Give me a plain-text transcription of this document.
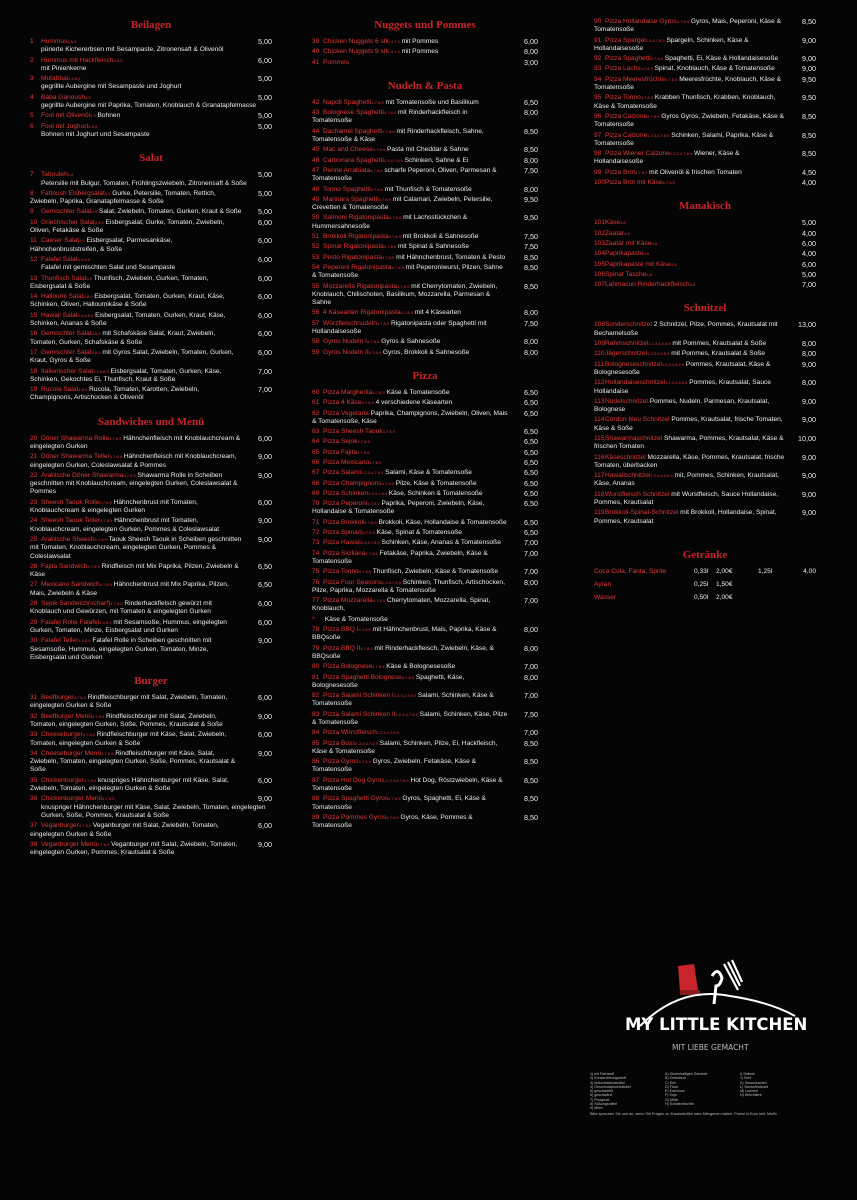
Beilagen
1 Hummus$^{4.5.9}$	5,00
pürierte Kichererbsen mit Sesampaste, Zitronensaft & Olivenöl
2 Hummus mit Hackfleisch$^{4.5.9}$	6,00
mit Pinienkerne
3 Mutabbal$^{4.5.8.9}$	5,00
gegrillte Aubergine mit Sesampaste und Joghurt
4 Baba Ganoush$^{4.9}$	5,00
gegrillte Aubergine mit Paprika, Tomaten, Knoblauch & Granatapfelmasse
5 Fool mit Olivenöl$^{4.9}$ Bohnen	5,00
6 Fool mit Joghurt$^{4.8.9}$	5,00
Bohnen mit Joghurt und Sesampaste
Salat
7 Tabouleh$^{4.9}$	5,00
Petersilie mit Bulgur, Tomaten, Frühlingszwiebeln, Zitronensaft & Soße
8 Fattoush Eisbergsalat$^{4.9}$ Gurke, Petersilie, Tomaten, Rettich, Zwiebeln, Paprika, Granatapfelmasse & Soße
5,00
9 Gemischter Salat$^{4.9}$ Salat, Zwiebeln, Tomaten, Gurken, Kraut & Soße	5,00
10 Griechischer Salat$^{4.8.9}$ Eisbergsalat, Gurke, Tomaten, Zwiebeln, Oliven, Fetakäse & Soße
6,00
11 Caeser Salat$^{4.9}$ Eisbergsalat, Parmesankäse, Hähnchenbruststreifen, & Soße
6,00
12 Falafel Salat$^{4.5.8.9}$	6,00
Falafel mit gemischten Salat und Sesampaste
13 Thunfisch Salat$^{4.9}$ Thunfisch, Zwiebeln, Gurken, Tomaten, Eisbergsalat & Soße
6,00
14 Halloumi Salat$^{4.8.9}$ Eisbergsalat, Tomaten, Gurken, Kraut, Käse, Schinken, Oliven, Halloumikäse & Soße
6,00
15 Hawaii Salat$^{2.3.4.8.9}$ Eisbergsalat, Tomaten, Gurken, Kraut, Käse, Schinken, Ananas & Soße
6,00
16 Gemischter Salat$^{4.8.9}$ mit Schafskäse Salat, Kraut, Zwiebeln, Tomaten, Gurken, Schafskäse & Soße
6,00
17 Gemischter Salat$^{4.8.9}$ mit Gyros Salat, Zwiebeln, Tomaten, Gurken, Kraut, Gyros & Soße
6,00
18 Italienischer Salat$^{2.3.4.8.9}$ Eisbergsalat, Tomaten, Gurken, Käse, Schinken, Gekochtes Ei, Thunfisch, Kraut & Soße
7,00
19 Rucola Salat$^{4.8.9}$ Rucola, Tomaten, Karotten, Zwiebeln, Champignons, Artischocken & Olivenöl
7,00
Sandwiches und Menü
20 Döner Shawarma Rolle$^{4.7.8.9}$ Hähnchenfleisch mit Knoblauchcream & eingelegten Gurken
6,00
21 Döner Shawarma Teller$^{4.7.8.9}$ Hähnchenfleisch mit Knoblauchcream, eingelegten Gurken, Coleslawsalat & Pommes
9,00
22 Arabische Döner Shawarma$^{4.7.8.9}$ Shawarma Rolle in Scheiben geschnitten mit Knoblauchcream, eingelegten Gurken, Coleslawsalat & Pommes
9,00
23 Sheesh Taouk Rolle$^{4.7.8.9}$ Hähnchenbrust mit Tomaten, Knoblauchcream & eingelegten Gurken
6,00
24 Sheesh Taouk Teller$^{4.7.8.9}$ Hähnchenbrust mit Tomaten, Knoblauchcream, eingelegten Gurken, Pommes & Coleslawsalat
9,00
25 Arabische Sheesh$^{4.7.8.9}$ Taouk Sheesh Taouk in Scheiben geschnitten mit Tomaten, Knoblauchcream, eingelegten Gurken, Pommes & Coleslawsalat
9,00
26 Fajita Sandwich$^{4.7.8.9}$ Rindfleisch mit Mix Paprika, Pilzen, Zwiebeln & Käse
6,50
27 Mexicano Sandwich$^{4.7.8.9}$ Hähnchenbrust mit Mix Paprika, Pilzen, Mais, Zwiebeln & Käse
6,50
28 Sejok Sandwich(scharf)$^{4.7.8.9}$ Rinderhackfleisch gewürzt mit Knoblauch und Gewürzen, mit Tomaten & eingelegten Gurken
6,00
29 Falafel Rolle Falafel$^{4.5.8.9}$ mit Sesamsoße, Hummus, eingelegten Gurken, Tomaten, Minze, Eisbergsalat und Gurken
6,00
30 Falafel Teller$^{4.5.8.9}$ Falafel Rolle in Scheiben geschnitten mit Sesamsoße, Hummus, eingelegten Gurken, Tomaten, Minze, Eisbergsalat und Gurken
9,00
Burger
31 Beefburger$^{4.7.8.9}$ Rindfleischburger mit Salat, Zwiebeln, Tomaten, eingelegten Gurken & Soße
6,00
32 Beefburger Menü$^{4.7.8.9}$ Rindfleischburger mit Salat, Zwiebeln, Tomaten, eingelegten Gurken, Soße, Pommes, Krautsalat & Soße
9,00
33 Cheeseburger$^{4.7.8.9}$ Rindfleischburger mit Käse, Salat, Zwiebeln, Tomaten, eingelegten Gurken & Soße
6,00
34 Cheeseburger Menü$^{4.7.8.9}$ Rindfleischburger mit Käse, Salat, Zwiebeln, Tomaten, eingelegten Gurken, Soße, Pommes, Krautsalat & Soße
9,00
35 Chickenburger$^{4.7.8.9}$ knuspriges Hähnchenburger mit Käse, Salat, Zwiebeln, Tomaten, eingelegten Gurken & Soße
6,00
36 Chickenburger Menü$^{4.7.8.9}$	9,00
knuspriger Hähnchenburger mit Käse, Salat, Zwiebeln, Tomaten, eingelegten Gurken, Soße, Pommes, Krautsalat & Soße
37 Veganburger$^{4.7.8.9}$ Veganburger mit Salat, Zwiebeln, Tomaten, eingelegten Gurken & Soße
6,00
38 Veganburger Menü$^{4.7.8.9}$ Veganburger mit Salat, Zwiebeln, Tomaten, eingelegten Gurken, Pommes, Krautsalat & Soße
9,00
Nuggets und Pommes
39 Chicken Nuggets 6 stk.$^{4.7.9}$ mit Pommes	6,00
40 Chicken Nuggets 9 stk.$^{4.7.9}$ mit Pommes	8,00
41 Pommes	3,00
Nudeln & Pasta
42 Napoli Spaghetti$^{4.7.8.9}$ mit Tomatensoße und Basilikum	6,50
43 Bolognese Spaghetti$^{4.7.8.9}$ mit Rinderhackfleisch in Tomatensoße
8,00
44 Dachamel Spaghetti$^{4.7.8.9}$ mit Rinderhackfleisch, Sahne, Tomatensoße & Käse
8,50
45 Mac and Cheese$^{4.7.8.9}$ Pasta mit Cheddar & Sahne	8,50
46 Carbonara Spaghetti$^{2.3.4.7.8.9}$ Schinken, Sahne & Ei	8,00
47 Penne Arrabiata$^{4.7.8.9}$ scharfe Peperoni, Oliven, Parmesan & Tomatensoße
7,50
48 Tonno Spaghetti$^{4.7.8.9}$ mit Thunfisch & Tomatensoße	8,00
49 Marinara Spaghetti$^{4.7.8.9}$ mit Calamari, Zwiebeln, Petersilie, Crevetten & Tomatensoße
9,50
50 Salmoni Rigatonipasta$^{4.7.8.9}$ mit Lachsstückchen & Hummersahnesoße
9,50
51 Brokkoli Rigatonipasta$^{4.7.8.9}$ mit Brokkoli & Sahnesoße	7,50
52 Spinat Rigatonipasta$^{4.7.8.9}$ mit Spinat & Sahnesoße	7,50
53 Pesto Rigatonipasta$^{4.7.8.9}$ mit Hähnchenbrust, Tomaten & Pesto	8,50
54 Peperoni Rigatonipasta$^{4.7.8.9}$ mit Peperoniwurst, Pilzen, Sahne & Tomatensoße
8,50
55 Mozzarella Rigatonipasta$^{4.7.8.9}$ mit Cherrytomaten, Zwiebeln, Knoblauch, Chilischoten, Basilikum, Mozzarella, Parmesan & Sahne
8,50
56 4 Käsearten Rigatonipasta$^{4.7.8.9}$ mit 4 Käsearten	8,00
57 Würzfleischnudeln$^{4.7.8.9}$ Rigatonipasta oder Spaghetti mit Hollandaisesoße
7,50
58 Gyros Nudeln $I^{4.7.8.9}$ Gyros & Sahnesoße	8,00
59 Gyros Nudeln $II^{4.7.8.9}$ Gyros, Brokkoli & Sahnesoße	8,00
Pizza
60 Pizza Margherita$^{4.7.8.9}$ Käse & Tomatensoße	6,50
61 Pizza 4 Käse$^{4.7.8.9}$ 4 verschiedene Käsearten	6,50
62 Pizza Vegetaria Paprika, Champignons, Zwiebeln, Oliven, Mais & Tomatensoße, Käse
6,50
63 Pizza Sheesh Taouk$^{4.7.8.9}$	6,50
64 Pizza Sejok$^{4.7.8.9}$	6,50
65 Pizza Fajita$^{4.7.8.9}$	6,50
66 Pizza Mexicano$^{4.7.8.9}$	6,50
67 Pizza Salami$^{1.2.3.4.7.8.9}$ Salami, Käse & Tomatensoße	6,50
68 Pizza Champignons$^{4.7.8.9}$ Pilze, Käse & Tomatensoße	6,50
69 Pizza Schinken$^{2.3.4.7.8.9}$ Käse, Schinken & Tomatensoße	6,50
70 Pizza Peperoni$^{4.7.8.9}$ Paprika, Peperoni, Zwiebeln, Käse, Hollandaise & Tomatensoße
6,50
71 Pizza Brokkoli$^{4.7.8.9}$ Brokkoli, Käse, Hollandaise & Tomatensoße	6,50
72 Pizza Spinaci$^{4.7.8.9}$ Käse, Spinat & Tomatensoße	6,50
73 Pizza Hawaii$^{2.3.4.7.8.9}$ Schinken, Käse, Ananas & Tomatensoße	7,00
74 Pizza Siciliana$^{4.7.8.9}$ Fetakäse, Paprika, Zwiebeln, Käse & Tomatensoße
7,00
75 Pizza Tonno$^{4.7.8.9}$ Thunfisch, Zwiebeln, Käse & Tomatensoße	7,00
76 Pizza Four Seasons$^{2.3.4.7.8.9}$ Schinken, Thunfisch, Artischocken, Pilze, Paprika, Mozzarella & Tomatensoße
8,00
77 Pizza Mozzarella$^{4.7.8.9}$ Cherrytomaten, Mozzarella, Spinat, Knoblauch,
7,00
^ Käse & Tomatensoße
78 Pizza BBQ $I^{4.7.8.9}$ mit Hähnchenbrust, Mais, Paprika, Käse & BBQsoße
8,00
79 Pizza BBQ $II^{4.7.8.9}$ mit Rinderhackfleisch, Zwiebeln, Käse, & BBQsoße
8,00
80 Pizza Bolognese$^{4.7.8.9}$ Käse & Bolognesesoße	7,00
81 Pizza Spaghetti Bolognese$^{4.7.8.9}$ Spaghetti, Käse, Bolognesesoße
8,00
82 Pizza Salami Schinken $I^{1.2.3.4.7.8.9}$ Salami, Schinken, Käse & Tomatensoße
7,00
83 Pizza Salami Schinken $II^{1.2.3.4.7.8.9}$ Salami, Schinken, Käse, Pilze & Tomatensoße
7,50
84 Pizza Wurstfleisch$^{1.2.3.4.7.8.9}$	7,00
85 Pizza Boss$^{1.2.3.4.7.8.9}$ Salami, Schinken, Pilze, Ei, Hackfleisch, Käse & Tomatensoße
8,50
86 Pizza Gyros$^{4.7.8.9}$ Gyros, Zwiebeln, Fetakäse, Käse & Tomatensoße
8,50
87 Pizza Hot Dog Gyros,$^{1.2.3.4.7.8.9}$ Hot Dog, Röstzwiebeln, Käse & Tomatensoße
8,50
88 Pizza Spaghetti Gyros$^{4.7.8.9}$ Gyros, Spaghetti, Ei, Käse & Tomatensoße
8,50
89 Pizza Pommes Gyros$^{4.7.8.9}$ Gyros, Käse, Pommes & Tomatensoße
8,50
90 Pizza Hollandaise Gyros$^{4.7.8.9}$ Gyros, Mais, Peperoni, Käse & Tomatensoße
8,50
91 Pizza Spargel$^{2.3.4.7.8.9}$ Spargeln, Schinken, Käse & Hollandaisesoße
9,00
92 Pizza Spaghetti$^{4.7.8.9}$ Spaghetti, Ei, Käse & Hollandaisesoße	9,00
93 Pizza Lachs$^{4.7.8.9}$ Spinat, Knoblauch, Käse & Tomatensoße	9,00
94 Pizza Meeresfrüchte$^{4.7.8.9}$ Meeresfrüchte, Knoblauch, Käse & Tomatensoße
9,50
95 Pizza Tonno$^{4.7.8.9}$ Krabben Thunfisch, Krabben, Knoblauch, Käse & Tomatensoße
9,50
96 Pizza Calzone$^{4.7.8.9}$ Gyros Gyros, Zwiebeln, Fetakäse, Käse & Tomatensoße
8,50
97 Pizza Calzone$^{1.2.3.4.7.8.9}$ Schinken, Salami, Paprika, Käse & Tomatensoße
8,50
98 Pizza Wiener Calzone$^{1.2.3.4.7.8.9}$ Wiener, Käse & Hollandaisesoße
8,50
99 Pizza Brot$^{4.7.8.9}$ mit Olivenöl & frischen Tomaten	4,50
100Pizza Brot mit Käse$^{4.7.8.9}$	4,00
Manakisch
101Käse$^{4.8}$	5,00
102Zaatar$^{4.8}$	4,00
103Zaatar mit Käse$^{4.8}$	6,00
104Paprikapaste$^{4.8}$	4,00
105Paprikapaste mit Käse$^{4.8}$	6,00
106Spinat Tasche$^{4.8}$	5,00
107Lahmacun Rinderhackfleisch$^{4.8}$	7,00
Schnitzel
108Sonderschnitzel 2 Schnitzel, Pilze, Pommes, Krautsalat mit Bechamelsoße
13,00
109Rahmschnitzel$^{1.2.3.4.5.6.9}$ mit Pommes, Krautsalat & Soße	8,00
110Jägerschnitzel$^{1.2.3.4.5.6.9}$ mit Pommes, Krautsalat & Soße	8,00
111Bologneseschnitzel$^{1.2.3.4.5.6.9}$ Pommes, Krautsalat, Käse & Bolognesesoße
9,00
112Hollandaiseschnitzel$^{1.2.3.4.5.6.9}$ Pommes, Krautsalat, Sauce Hollandaise
8,00
113Nudelschnitzel Pommes, Nudeln, Parmesan, Krautsalat, Bolognese
9,00
114Cordon bleu Schnitzel Pommes, Krautsalat, frische Tomaten, Käse & Soße
9,00
115Shawarmaschnitzel Shawarma, Pommes, Krautsalat, Käse & frischen Tomaten
10,00
116Käseschnitzel Mozzarella, Käse, Pommes, Krautsalat, frische Tomaten, überbacken
9,00
117Hawaiischnitzel$^{1.2.3.4.5.6.9}$ mit, Pommes, Schinken, Krautsalat, Käse, Ananas
9,00
118Wurstfleisch Schnitzel mit Wurstfleisch, Sauce Hollandaise, Pommes, Krautsalat
9,00
119Brokkoli-Spinat-Schnitzel mit Brokkoli, Hollandaise, Spinat, Pommes, Krautsalat
9,00
Getränke
Coca Cola, Fanta, Sprite	0,33l 2,00€	1,25l	4,00
Ayran	0,25l 1,50€
Wasser	0,50l 2,00€
MY LITTLE KITCHEN
MIT LIEBE GEMACHT
1) mit Farbstoff
2) Konservierungsstoff
3) Antioxidationsmittel
4) Geschmacksverstärker
5) geschwefelt
6) geschwärzt
7) Phosphat
8) Süßungsmittel
9) Milch
A) Glutenhaltiges Getreide
B) Krebstiere
C) Eier
D) Fisch
E) Erdnüsse
F) Soja
G) Milch
H) Schalenfrüchte
I) Sellerie
J) Senf
K) Sesamsamen
L) Schwefeldioxid
M) Lupinen
N) Weichtiere
Bitte sprechen Sie uns an, wenn Sie Fragen zu Zusatzstoffen oder Allergenen haben. Preise in Euro inkl. MwSt.
